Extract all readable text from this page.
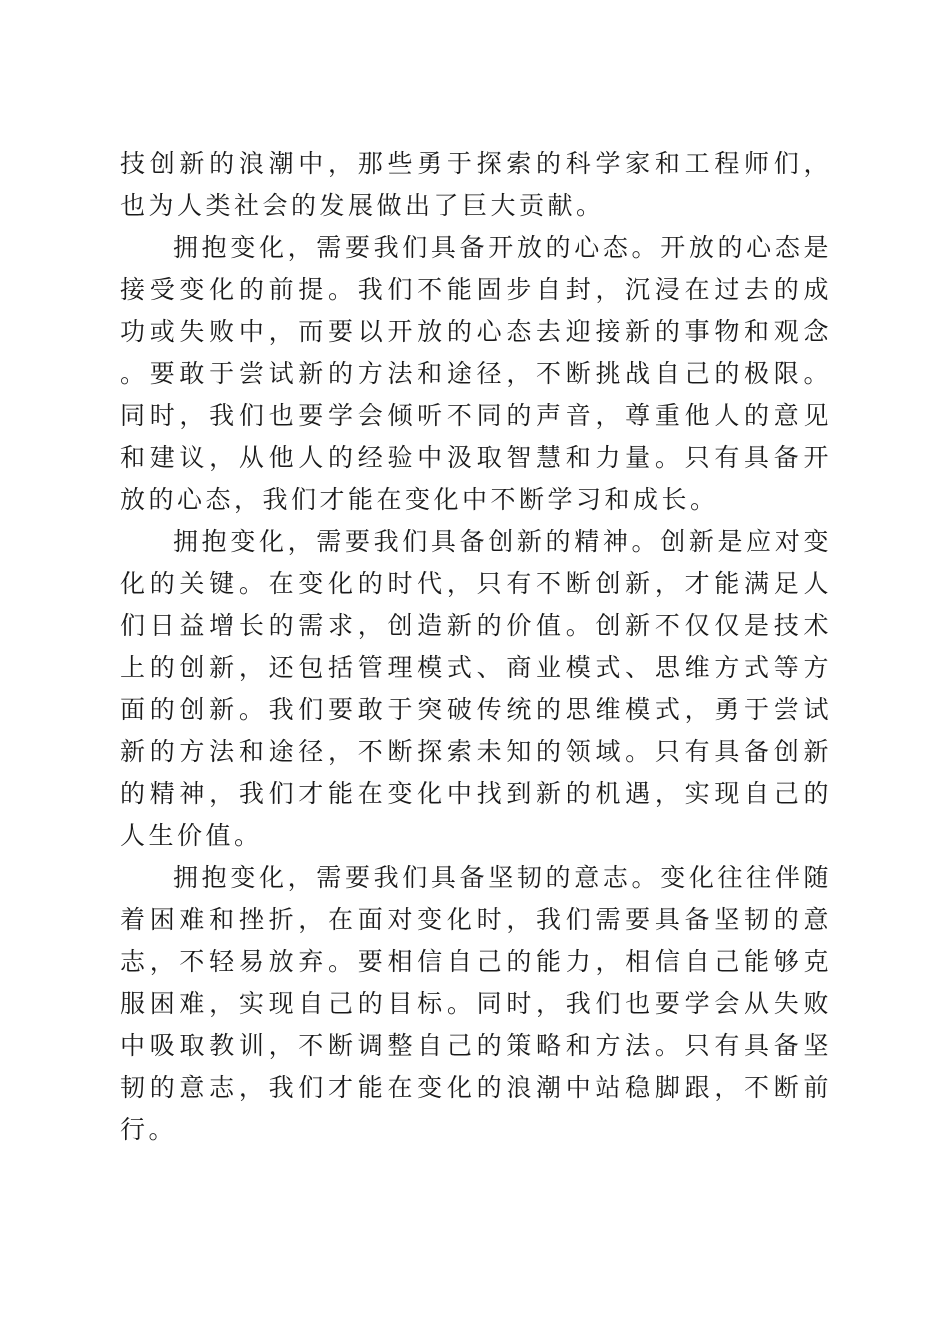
技创新的浪潮中，那些勇于探索的科学家和工程师们，也为人类社会的发展做出了巨大贡献。

拥抱变化，需要我们具备开放的心态。开放的心态是接受变化的前提。我们不能固步自封，沉浸在过去的成功或失败中，而要以开放的心态去迎接新的事物和观念。要敢于尝试新的方法和途径，不断挑战自己的极限。同时，我们也要学会倾听不同的声音，尊重他人的意见和建议，从他人的经验中汲取智慧和力量。只有具备开放的心态，我们才能在变化中不断学习和成长。

拥抱变化，需要我们具备创新的精神。创新是应对变化的关键。在变化的时代，只有不断创新，才能满足人们日益增长的需求，创造新的价值。创新不仅仅是技术上的创新，还包括管理模式、商业模式、思维方式等方面的创新。我们要敢于突破传统的思维模式，勇于尝试新的方法和途径，不断探索未知的领域。只有具备创新的精神，我们才能在变化中找到新的机遇，实现自己的人生价值。

拥抱变化，需要我们具备坚韧的意志。变化往往伴随着困难和挫折，在面对变化时，我们需要具备坚韧的意志，不轻易放弃。要相信自己的能力，相信自己能够克服困难，实现自己的目标。同时，我们也要学会从失败中吸取教训，不断调整自己的策略和方法。只有具备坚韧的意志，我们才能在变化的浪潮中站稳脚跟，不断前行。
